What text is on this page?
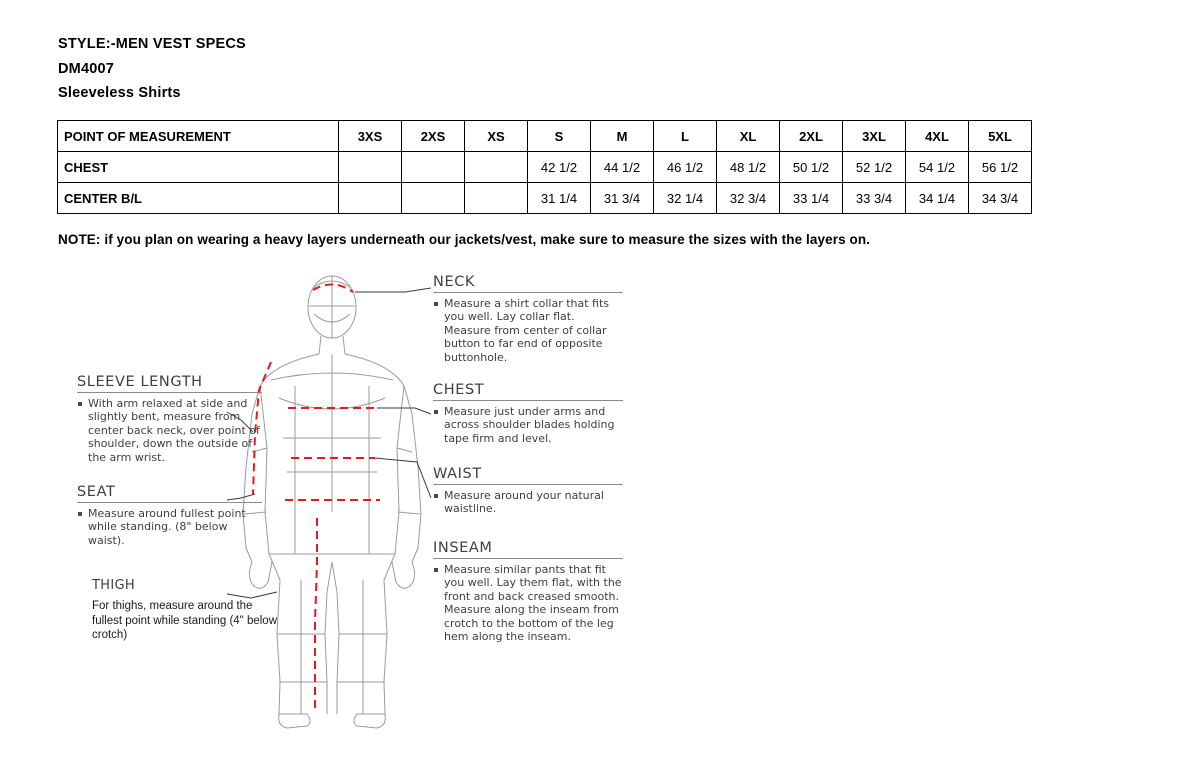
STYLE:-MEN VEST SPECS
DM4007
Sleeveless Shirts
POINT OF MEASUREMENT	3XS	2XS	XS	S	M	L	XL	2XL	3XL	4XL	5XL
CHEST				42 1/2	44 1/2	46 1/2	48 1/2	50 1/2	52 1/2	54 1/2	56 1/2
CENTER B/L				31 1/4	31 3/4	32 1/4	32 3/4	33 1/4	33 3/4	34 1/4	34 3/4
NOTE: if you plan on wearing a heavy layers underneath our jackets/vest, make sure to measure the sizes with the layers on.
NECK
Measure a shirt collar that fits you well. Lay collar flat. Measure from center of collar button to far end of opposite buttonhole.
SLEEVE LENGTH
With arm relaxed at side and slightly bent, measure from center back neck, over point of shoulder, down the outside of the arm wrist.
CHEST
Measure just under arms and across shoulder blades holding tape firm and level.
WAIST
Measure around your natural waistline.
SEAT
Measure around fullest point while standing. (8" below waist).	INSEAM
Measure similar pants that fit you well. Lay them flat, with the front and back creased smooth. Measure along the inseam from crotch to the bottom of the leg hem along the inseam.
THIGH
For thighs, measure around the fullest point while standing (4" below crotch)
